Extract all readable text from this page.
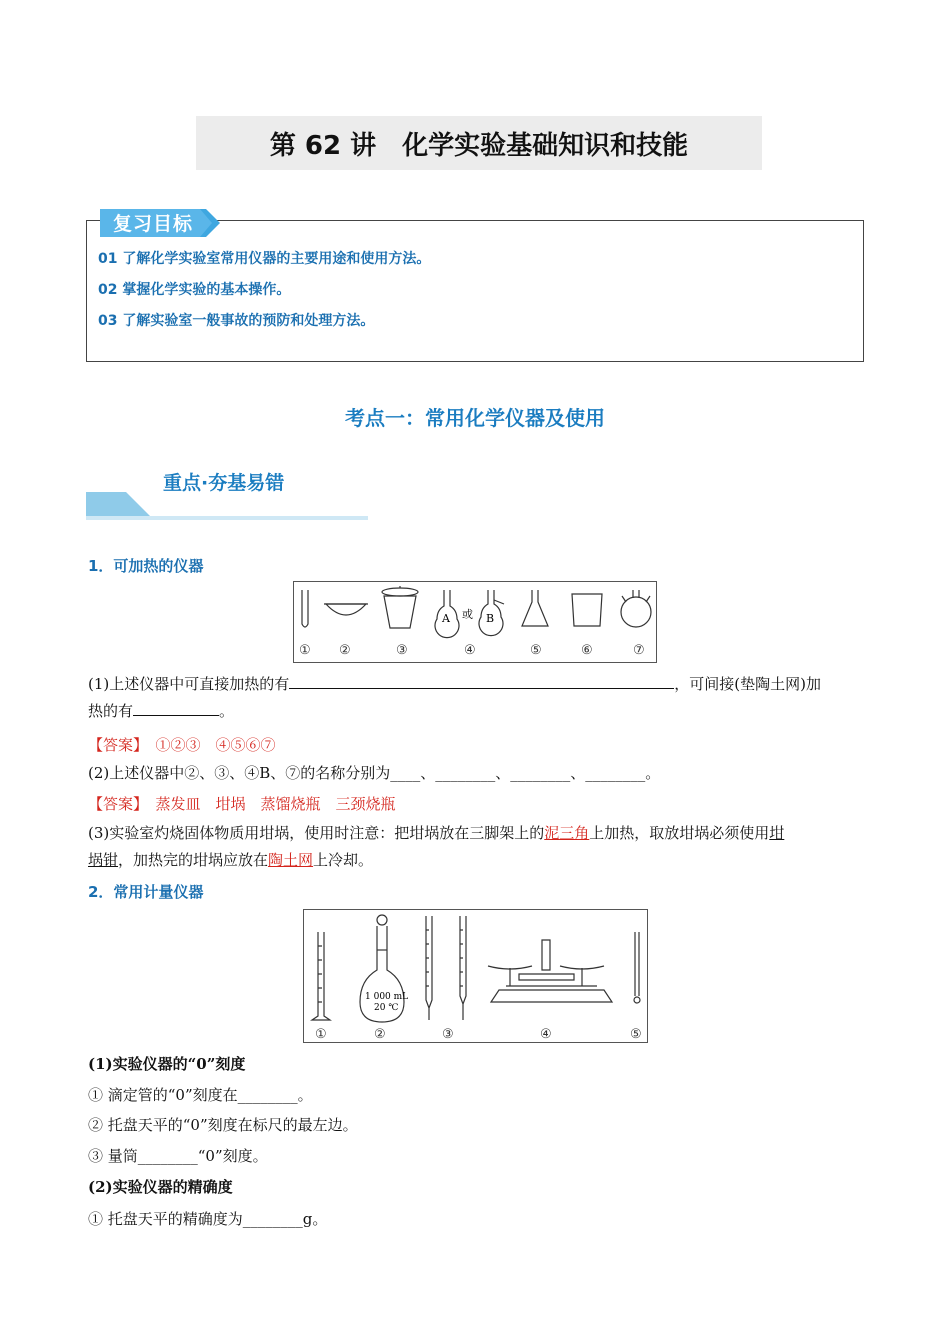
第 62 讲　化学实验基础知识和技能
复习目标
01 了解化学实验室常用仪器的主要用途和使用方法。
02 掌握化学实验的基本操作。
03 了解实验室一般事故的预防和处理方法。
考点一：常用化学仪器及使用
重点·夯基易错
1．可加热的仪器
A 或 B
① ②	③	④	⑤	⑥	⑦
(1)上述仪器中可直接加热的有	，可间接(垫陶土网)加
热的有	。
【答案】　 ①②③　④⑤⑥⑦
(2)上述仪器中②、③、④B、⑦的名称分别为____、________、________、________。
【答案】　 蒸发皿　坩埚　蒸馏烧瓶　三颈烧瓶
(3)实验室灼烧固体物质用坩埚，使用时注意：把坩埚放在三脚架上的泥三角上加热，取放坩埚必须使用坩
埚钳，加热完的坩埚应放在陶土网上冷却。
2．常用计量仪器
1 000 mL
20 ℃
①	②	③	④	⑤
(1)实验仪器的“0”刻度
① 滴定管的“0”刻度在________。
② 托盘天平的“0”刻度在标尺的最左边。
③ 量筒________“0”刻度。
(2)实验仪器的精确度
① 托盘天平的精确度为________g。
